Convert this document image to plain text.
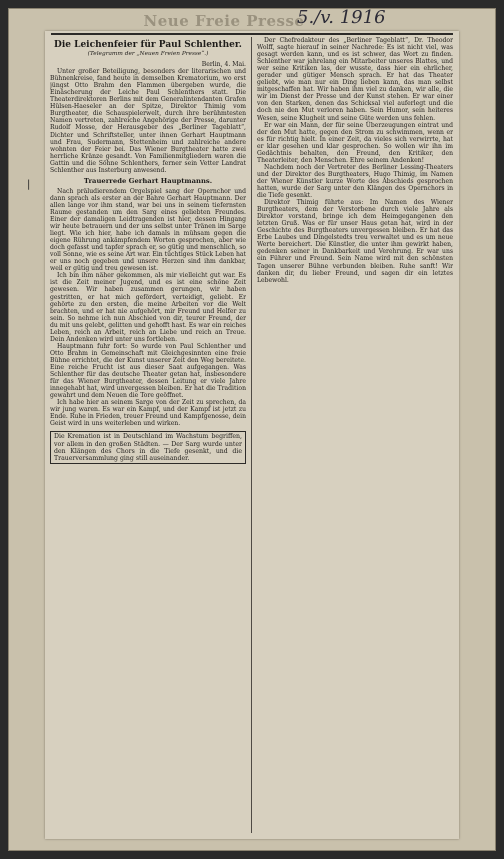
Neue Freie Presse
5./v. 1916
|
Die Leichenfeier für Paul Schlenther.
(Telegramm der „Neuen Freien Presse“.)

Berlin, 4. Mai.

Unter großer Beteiligung, besonders der literarischen und Bühnenkreise, fand heute in demselben Krematorium, wo erst jüngst Otto Brahm den Flammen übergeben wurde, die Einäscherung der Leiche Paul Schlenthers statt. Die Theaterdirektoren Berlins mit dem Generalintendanten Grafen Hülsen-Haeseler an der Spitze, Direktor Thimig vom Burgtheater, die Schauspielerwelt, durch ihre berühmtesten Namen vertreten, zahlreiche Angehörige der Presse, darunter Rudolf Mosse, der Herausgeber des „Berliner Tageblatt“, Dichter und Schriftsteller, unter ihnen Gerhart Hauptmann und Frau, Sudermann, Stettenheim und zahlreiche andere wohnten der Feier bei. Das Wiener Burgtheater hatte zwei herrliche Kränze gesandt. Von Familienmitgliedern waren die Gattin und die Söhne Schlenthers, ferner sein Vetter Landrat Schlenther aus Insterburg anwesend.

Trauerrede Gerhart Hauptmanns.

Nach präludierendem Orgelspiel sang der Opernchor und dann sprach als erster an der Bahre Gerhart Hauptmann. Der allen lange vor ihm stand, war bei uns in seinem tiefernsten Raume gestanden um den Sarg eines geliebten Freundes. Einer der damaligen Leidtragenden ist hier, dessen Hingang wir heute betrauern und der uns selbst unter Tränen im Sarge liegt. Wie ich hier, habe ich damals in mühsam gegen die eigene Rührung ankämpfendem Worten gesprochen, aber wie doch gefasst und tapfer sprach er, so gütig und menschlich, so voll Sonne, wie es seine Art war. Ein tüchtiges Stück Leben hat er uns noch gegeben und unsere Herzen sind ihm dankbar, weil er gütig und treu gewesen ist.

Ich bin ihm näher gekommen, als mir vielleicht gut war. Es ist die Zeit meiner Jugend, und es ist eine schöne Zeit gewesen. Wir haben zusammen gerungen, wir haben gestritten, er hat mich gefördert, verteidigt, geliebt. Er gehörte zu den ersten, die meine Arbeiten vor die Welt brachten, und er hat nie aufgehört, mir Freund und Helfer zu sein. So nehme ich nun Abschied von dir, teurer Freund, der du mit uns gelebt, gelitten und gehofft hast. Es war ein reiches Leben, reich an Arbeit, reich an Liebe und reich an Treue. Dein Andenken wird unter uns fortleben.

Hauptmann fuhr fort: So wurde von Paul Schlenther und Otto Brahm in Gemeinschaft mit Gleichgesinnten eine freie Bühne errichtet, die der Kunst unserer Zeit den Weg bereitete. Eine reiche Frucht ist aus dieser Saat aufgegangen. Was Schlenther für das deutsche Theater getan hat, insbesondere für das Wiener Burgtheater, dessen Leitung er viele Jahre innegehabt hat, wird unvergessen bleiben. Er hat die Tradition gewahrt und dem Neuen die Tore geöffnet.

Ich habe hier an seinem Sarge von der Zeit zu sprechen, da wir jung waren. Es war ein Kampf, und der Kampf ist jetzt zu Ende. Ruhe in Frieden, treuer Freund und Kampfgenosse, dein Geist wird in uns weiterleben und wirken.

Die Kremation ist in Deutschland im Wachstum begriffen, vor allem in den großen Städten. — Der Sarg wurde unter den Klängen des Chors in die Tiefe gesenkt, und die Trauerversammlung ging still auseinander.

Der Chefredakteur des „Berliner Tageblatt“, Dr. Theodor Wolff, sagte hierauf in seiner Nachrede: Es ist nicht viel, was gesagt werden kann, und es ist schwer, das Wort zu finden. Schlenther war jahrelang ein Mitarbeiter unseres Blattes, und wer seine Kritiken las, der wusste, dass hier ein ehrlicher, gerader und gütiger Mensch sprach. Er hat das Theater geliebt, wie man nur ein Ding lieben kann, das man selbst mitgeschaffen hat. Wir haben ihm viel zu danken, wir alle, die wir im Dienst der Presse und der Kunst stehen. Er war einer von den Starken, denen das Schicksal viel auferlegt und die doch nie den Mut verloren haben. Sein Humor, sein heiteres Wesen, seine Klugheit und seine Güte werden uns fehlen.

Er war ein Mann, der für seine Überzeugungen eintrat und der den Mut hatte, gegen den Strom zu schwimmen, wenn er es für richtig hielt. In einer Zeit, da vieles sich verwirrte, hat er klar gesehen und klar gesprochen. So wollen wir ihn im Gedächtnis behalten, den Freund, den Kritiker, den Theaterleiter, den Menschen. Ehre seinem Andenken!

Nachdem noch der Vertreter des Berliner Lessing-Theaters und der Direktor des Burgtheaters, Hugo Thimig, im Namen der Wiener Künstler kurze Worte des Abschieds gesprochen hatten, wurde der Sarg unter den Klängen des Opernchors in die Tiefe gesenkt.

Direktor Thimig führte aus: Im Namen des Wiener Burgtheaters, dem der Verstorbene durch viele Jahre als Direktor vorstand, bringe ich dem Heimgegangenen den letzten Gruß. Was er für unser Haus getan hat, wird in der Geschichte des Burgtheaters unvergessen bleiben. Er hat das Erbe Laubes und Dingelstedts treu verwaltet und es um neue Werte bereichert. Die Künstler, die unter ihm gewirkt haben, gedenken seiner in Dankbarkeit und Verehrung. Er war uns ein Führer und Freund. Sein Name wird mit den schönsten Tagen unserer Bühne verbunden bleiben. Ruhe sanft! Wir danken dir, du lieber Freund, und sagen dir ein letztes Lebewohl.
